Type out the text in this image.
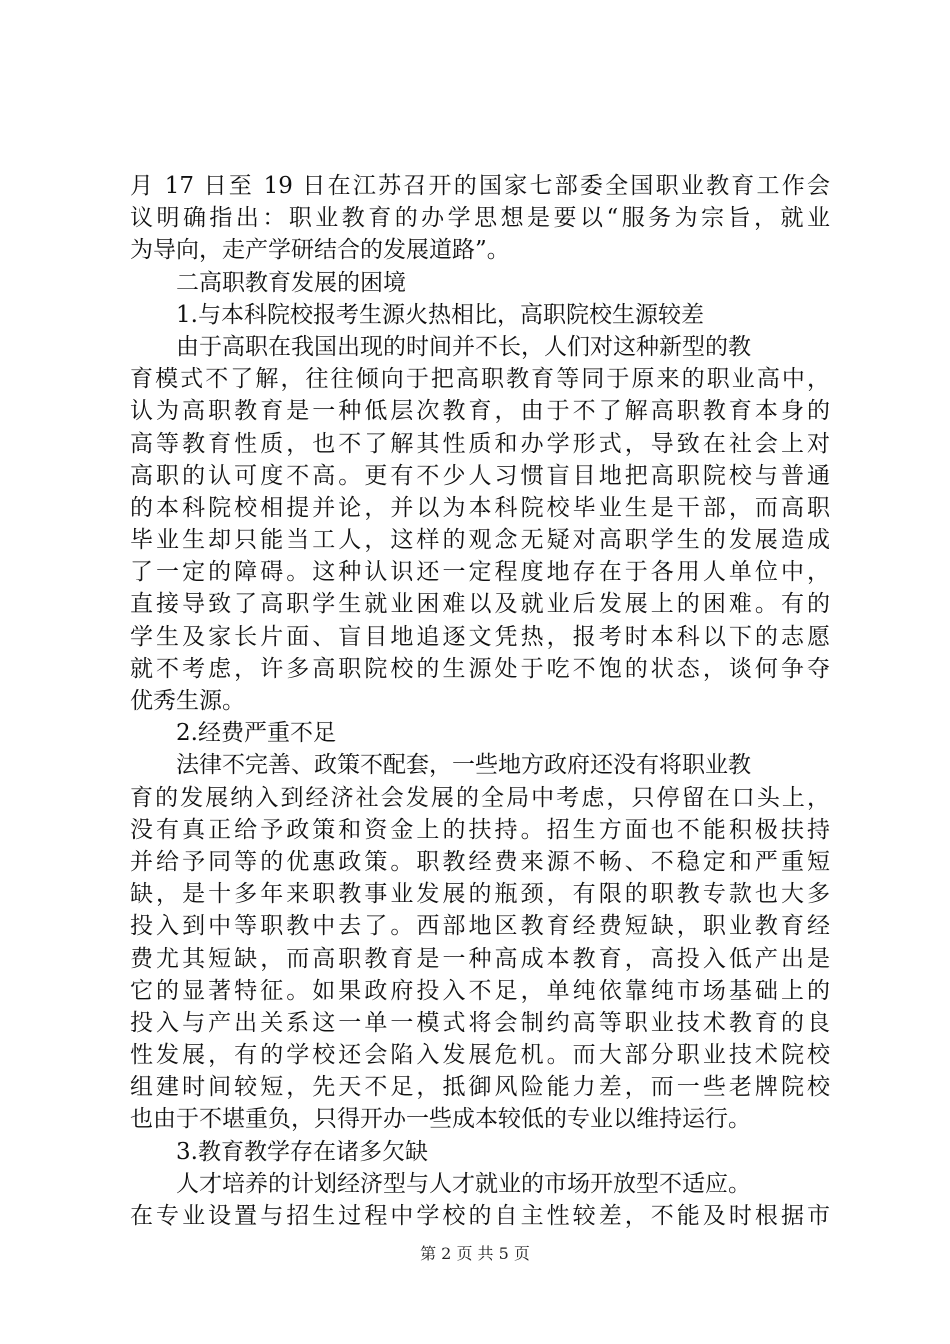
月 17 日至 19 日在江苏召开的国家七部委全国职业教育工作会
议明确指出：职业教育的办学思想是要以“服务为宗旨，就业
为导向，走产学研结合的发展道路”。
二高职教育发展的困境
1.与本科院校报考生源火热相比，高职院校生源较差
由于高职在我国出现的时间并不长，人们对这种新型的教
育模式不了解，往往倾向于把高职教育等同于原来的职业高中，
认为高职教育是一种低层次教育，由于不了解高职教育本身的
高等教育性质，也不了解其性质和办学形式，导致在社会上对
高职的认可度不高。更有不少人习惯盲目地把高职院校与普通
的本科院校相提并论，并以为本科院校毕业生是干部，而高职
毕业生却只能当工人，这样的观念无疑对高职学生的发展造成
了一定的障碍。这种认识还一定程度地存在于各用人单位中，
直接导致了高职学生就业困难以及就业后发展上的困难。有的
学生及家长片面、盲目地追逐文凭热，报考时本科以下的志愿
就不考虑，许多高职院校的生源处于吃不饱的状态，谈何争夺
优秀生源。
2.经费严重不足
法律不完善、政策不配套，一些地方政府还没有将职业教
育的发展纳入到经济社会发展的全局中考虑，只停留在口头上，
没有真正给予政策和资金上的扶持。招生方面也不能积极扶持
并给予同等的优惠政策。职教经费来源不畅、不稳定和严重短
缺，是十多年来职教事业发展的瓶颈，有限的职教专款也大多
投入到中等职教中去了。西部地区教育经费短缺，职业教育经
费尤其短缺，而高职教育是一种高成本教育，高投入低产出是
它的显著特征。如果政府投入不足，单纯依靠纯市场基础上的
投入与产出关系这一单一模式将会制约高等职业技术教育的良
性发展，有的学校还会陷入发展危机。而大部分职业技术院校
组建时间较短，先天不足，抵御风险能力差，而一些老牌院校
也由于不堪重负，只得开办一些成本较低的专业以维持运行。
3.教育教学存在诸多欠缺
人才培养的计划经济型与人才就业的市场开放型不适应。
在专业设置与招生过程中学校的自主性较差，不能及时根据市
第 2 页 共 5 页
